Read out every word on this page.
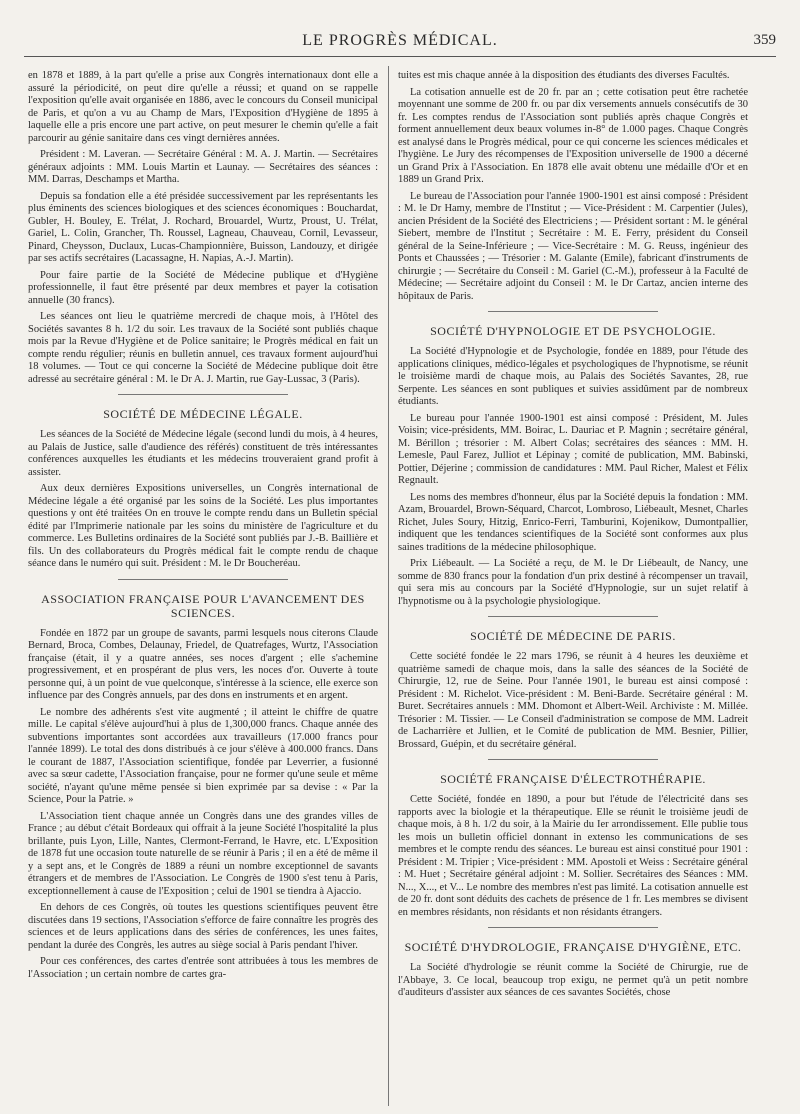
LE PROGRÈS MÉDICAL.	359

en 1878 et 1889, à la part qu'elle a prise aux Congrès internationaux dont elle a assuré la périodicité, on peut dire qu'elle a réussi; et quand on se rappelle l'exposition qu'elle avait organisée en 1886, avec le concours du Conseil municipal de Paris, et qu'on a vu au Champ de Mars, l'Exposition d'Hygiène de 1895 à laquelle elle a pris encore une part active, on peut mesurer le chemin qu'elle a fait parcourir au génie sanitaire dans ces vingt dernières années.

Président : M. Laveran. — Secrétaire Général : M. A. J. Martin. — Secrétaires généraux adjoints : MM. Louis Martin et Launay. — Secrétaires des séances : MM. Darras, Deschamps et Martha.

Depuis sa fondation elle a été présidée successivement par les représentants les plus éminents des sciences biologiques et des sciences économiques : Bouchardat, Gubler, H. Bouley, E. Trélat, J. Rochard, Brouardel, Wurtz, Proust, U. Trélat, Gariel, L. Colin, Grancher, Th. Roussel, Lagneau, Chauveau, Cornil, Levasseur, Pinard, Cheysson, Duclaux, Lucas-Championnière, Buisson, Landouzy, et dirigée par ses actifs secrétaires (Lacassagne, H. Napias, A.-J. Martin).

Pour faire partie de la Société de Médecine publique et d'Hygiène professionnelle, il faut être présenté par deux membres et payer la cotisation annuelle (30 francs).

Les séances ont lieu le quatrième mercredi de chaque mois, à l'Hôtel des Sociétés savantes 8 h. 1/2 du soir. Les travaux de la Société sont publiés chaque mois par la Revue d'Hygiène et de Police sanitaire; le Progrès médical en fait un compte rendu régulier; réunis en bulletin annuel, ces travaux forment aujourd'hui 18 volumes. — Tout ce qui concerne la Société de Médecine publique doit être adressé au secrétaire général : M. le Dr A. J. Martin, rue Gay-Lussac, 3 (Paris).

SOCIÉTÉ DE MÉDECINE LÉGALE.

Les séances de la Société de Médecine légale (second lundi du mois, à 4 heures, au Palais de Justice, salle d'audience des référés) constituent de très intéressantes conférences auxquelles les étudiants et les médecins trouveraient grand profit à assister.

Aux deux dernières Expositions universelles, un Congrès international de Médecine légale a été organisé par les soins de la Société. Les plus importantes questions y ont été traitées On en trouve le compte rendu dans un Bulletin spécial édité par l'Imprimerie nationale par les soins du ministère de l'agriculture et du commerce. Les Bulletins ordinaires de la Société sont publiés par J.-B. Baillière et fils. Un des collaborateurs du Progrès médical fait le compte rendu de chaque séance dans le numéro qui suit. Président : M. le Dr Boucheréau.

ASSOCIATION FRANÇAISE POUR L'AVANCEMENT DES SCIENCES.

Fondée en 1872 par un groupe de savants, parmi lesquels nous citerons Claude Bernard, Broca, Combes, Delaunay, Friedel, de Quatrefages, Wurtz, l'Association française (était, il y a quatre années, ses noces d'argent ; elle s'achemine progressivement, et en prospérant de plus vers, les noces d'or. Ouverte à toute personne qui, à un point de vue quelconque, s'intéresse à la science, elle exerce son influence par des Congrès annuels, par des dons en instruments et en argent.

Le nombre des adhérents s'est vite augmenté ; il atteint le chiffre de quatre mille. Le capital s'élève aujourd'hui à plus de 1,300,000 francs. Chaque année des subventions importantes sont accordées aux travailleurs (17.000 francs pour l'année 1899). Le total des dons distribués à ce jour s'élève à 400.000 francs. Dans le courant de 1887, l'Association scientifique, fondée par Leverrier, a fusionné avec sa sœur cadette, l'Association française, pour ne former qu'une seule et même société, n'ayant qu'une même pensée si bien exprimée par sa devise : « Par la Science, Pour la Patrie. »

L'Association tient chaque année un Congrès dans une des grandes villes de France ; au début c'était Bordeaux qui offrait à la jeune Société l'hospitalité la plus brillante, puis Lyon, Lille, Nantes, Clermont-Ferrand, le Havre, etc. L'Exposition de 1878 fut une occasion toute naturelle de se réunir à Paris ; il en a été de même il y a sept ans, et le Congrès de 1889 a réuni un nombre exceptionnel de savants étrangers et de membres de l'Association. Le Congrès de 1900 s'est tenu à Paris, exceptionnellement à cause de l'Exposition ; celui de 1901 se tiendra à Ajaccio.

En dehors de ces Congrès, où toutes les questions scientifiques peuvent être discutées dans 19 sections, l'Association s'efforce de faire connaître les progrès des sciences et de leurs applications dans des séries de conférences, les unes faites, pendant la durée des Congrès, les autres au siège social à Paris pendant l'hiver.

Pour ces conférences, des cartes d'entrée sont attribuées à tous les membres de l'Association ; un certain nombre de cartes gra-

tuites est mis chaque année à la disposition des étudiants des diverses Facultés.

La cotisation annuelle est de 20 fr. par an ; cette cotisation peut être rachetée moyennant une somme de 200 fr. ou par dix versements annuels consécutifs de 30 fr. Les comptes rendus de l'Association sont publiés après chaque Congrès et forment annuellement deux beaux volumes in-8° de 1.000 pages. Chaque Congrès est analysé dans le Progrès médical, pour ce qui concerne les sciences médicales et l'hygiène. Le Jury des récompenses de l'Exposition universelle de 1900 a décerné un Grand Prix à l'Association. En 1878 elle avait obtenu une médaille d'Or et en 1889 un Grand Prix.

Le bureau de l'Association pour l'année 1900-1901 est ainsi composé : Président : M. le Dr Hamy, membre de l'Institut ; — Vice-Président : M. Carpentier (Jules), ancien Président de la Société des Electriciens ; — Président sortant : M. le général Siebert, membre de l'Institut ; Secrétaire : M. E. Ferry, président du Conseil général de la Seine-Inférieure ; — Vice-Secrétaire : M. G. Reuss, ingénieur des Ponts et Chaussées ; — Trésorier : M. Galante (Emile), fabricant d'instruments de chirurgie ; — Secrétaire du Conseil : M. Gariel (C.-M.), professeur à la Faculté de Médecine; — Secrétaire adjoint du Conseil : M. le Dr Cartaz, ancien interne des hôpitaux de Paris.

SOCIÉTÉ D'HYPNOLOGIE ET DE PSYCHOLOGIE.

La Société d'Hypnologie et de Psychologie, fondée en 1889, pour l'étude des applications cliniques, médico-légales et psychologiques de l'hypnotisme, se réunit le troisième mardi de chaque mois, au Palais des Sociétés Savantes, 28, rue Serpente. Les séances en sont publiques et suivies assidûment par de nombreux étudiants.

Le bureau pour l'année 1900-1901 est ainsi composé : Président, M. Jules Voisin; vice-présidents, MM. Boirac, L. Dauriac et P. Magnin ; secrétaire général, M. Bérillon ; trésorier : M. Albert Colas; secrétaires des séances : MM. H. Lemesle, Paul Farez, Julliot et Lépinay ; comité de publication, MM. Babinski, Pottier, Déjerine ; commission de candidatures : MM. Paul Richer, Malest et Félix Regnault.

Les noms des membres d'honneur, élus par la Société depuis la fondation : MM. Azam, Brouardel, Brown-Séquard, Charcot, Lombroso, Liébeault, Mesnet, Charles Richet, Jules Soury, Hitzig, Enrico-Ferri, Tamburini, Kojenikow, Dumontpallier, indiquent que les tendances scientifiques de la Société sont conformes aux plus saines traditions de la médecine philosophique.

Prix Liébeault. — La Société a reçu, de M. le Dr Liébeault, de Nancy, une somme de 830 francs pour la fondation d'un prix destiné à récompenser un travail, qui sera mis au concours par la Société d'Hypnologie, sur un sujet relatif à l'hypnotisme ou à la psychologie physiologique.

SOCIÉTÉ DE MÉDECINE DE PARIS.

Cette société fondée le 22 mars 1796, se réunit à 4 heures les deuxième et quatrième samedi de chaque mois, dans la salle des séances de la Société de Chirurgie, 12, rue de Seine. Pour l'année 1901, le bureau est ainsi composé : Président : M. Richelot. Vice-président : M. Beni-Barde. Secrétaire général : M. Buret. Secrétaires annuels : MM. Dhomont et Albert-Weil. Archiviste : M. Millée. Trésorier : M. Tissier. — Le Conseil d'administration se compose de MM. Ladreit de Lacharrière et Jullien, et le Comité de publication de MM. Besnier, Pillier, Brossard, Guépin, et du secrétaire général.

SOCIÉTÉ FRANÇAISE D'ÉLECTROTHÉRAPIE.

Cette Société, fondée en 1890, a pour but l'étude de l'électricité dans ses rapports avec la biologie et la thérapeutique. Elle se réunit le troisième jeudi de chaque mois, à 8 h. 1/2 du soir, à la Mairie du Ier arrondissement. Elle publie tous les mois un bulletin officiel donnant in extenso les communications de ses membres et le compte rendu des séances. Le bureau est ainsi constitué pour 1901 : Président : M. Tripier ; Vice-président : MM. Apostoli et Weiss : Secrétaire général : M. Huet ; Secrétaire général adjoint : M. Sollier. Secrétaires des Séances : MM. N..., X..., et V... Le nombre des membres n'est pas limité. La cotisation annuelle est de 20 fr. dont sont déduits des cachets de présence de 1 fr. Les membres se divisent en membres résidants, non résidants et non résidants étrangers.

SOCIÉTÉ D'HYDROLOGIE, FRANÇAISE D'HYGIÈNE, ETC.

La Société d'hydrologie se réunit comme la Société de Chirurgie, rue de l'Abbaye, 3. Ce local, beaucoup trop exigu, ne permet qu'à un petit nombre d'auditeurs d'assister aux séances de ces savantes Sociétés, chose
